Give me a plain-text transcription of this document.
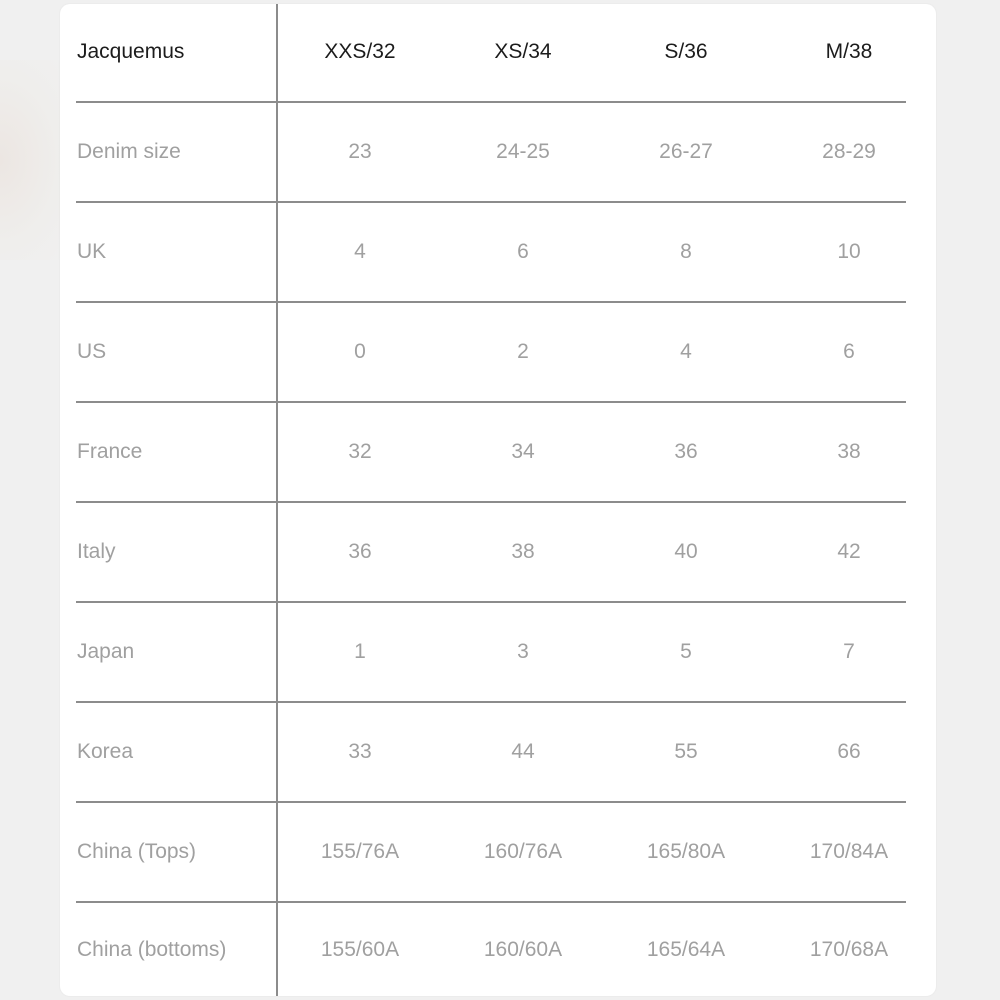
Jacquemus	XXS/32	XS/34	S/36	M/38
Denim size	23	24-25	26-27	28-29
UK	4	6	8	10
US	0	2	4	6
France	32	34	36	38
Italy	36	38	40	42
Japan	1	3	5	7
Korea	33	44	55	66
China (Tops)	155/76A	160/76A	165/80A	170/84A
China (bottoms)	155/60A	160/60A	165/64A	170/68A
